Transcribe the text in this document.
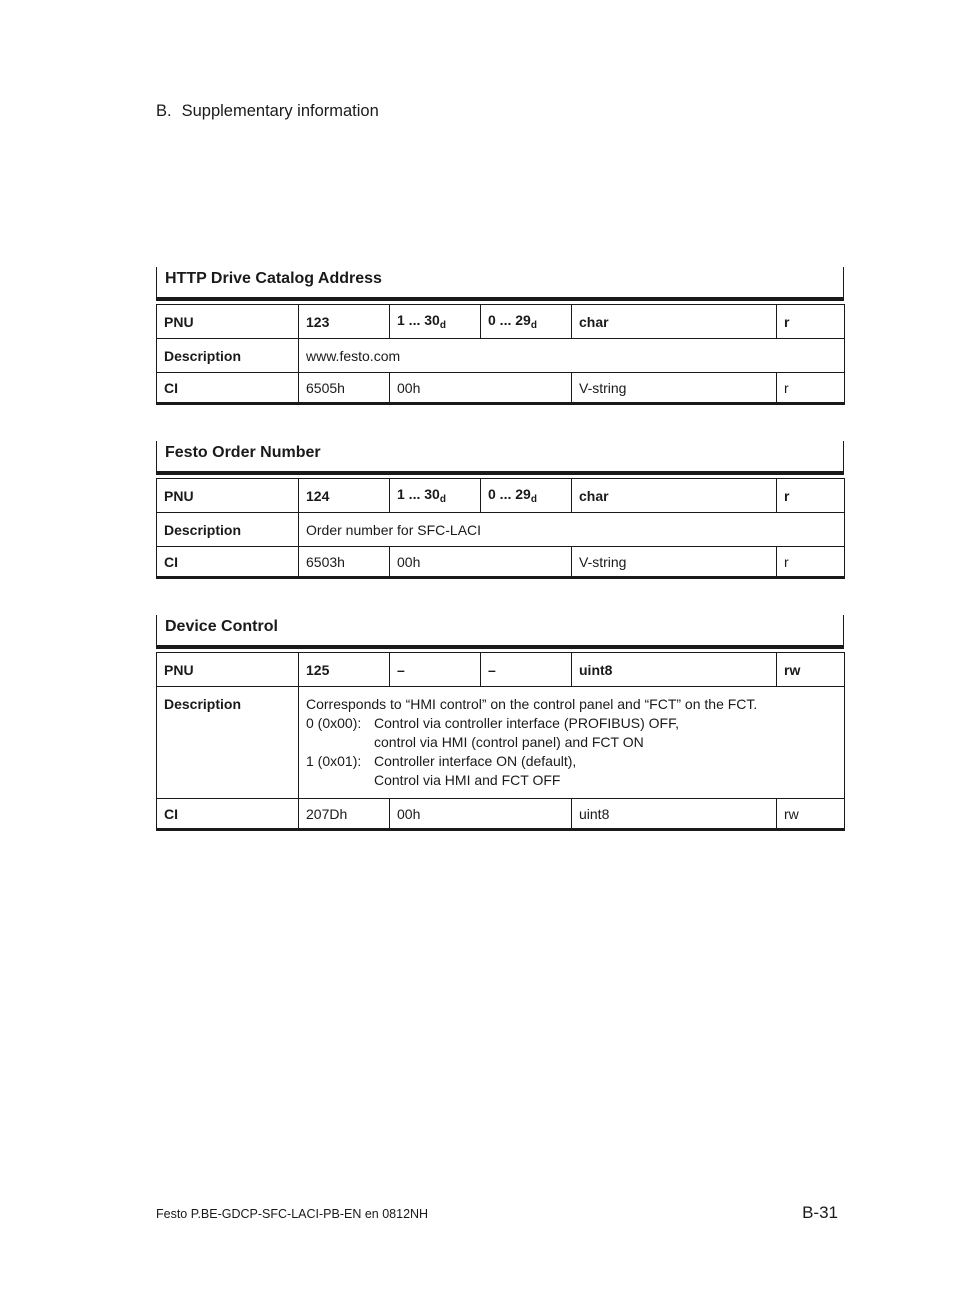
B. Supplementary information
HTTP Drive Catalog Address
PNU	123	1 ... $30_d$	0 ... $29_d$	char	r
Description	www.festo.com				
CI	6505h	00h		V-string	r
Festo Order Number
PNU	124	1 ... $30_d$	0 ... $29_d$	char	r
Description	Order number for SFC-LACI				
CI	6503h	00h		V-string	r
Device Control
PNU	125	–	–	uint8	rw
Description	Corresponds to “HMI control” on the control panel and “FCT” on the FCT.
0 (0x00): Control via controller interface (PROFIBUS) OFF,
control via HMI (control panel) and FCT ON
1 (0x01): Controller interface ON (default),
Control via HMI and FCT OFF				

CI	207Dh	00h		uint8	rw
Festo P.BE-GDCP-SFC-LACI-PB-EN en 0812NH	B-31
